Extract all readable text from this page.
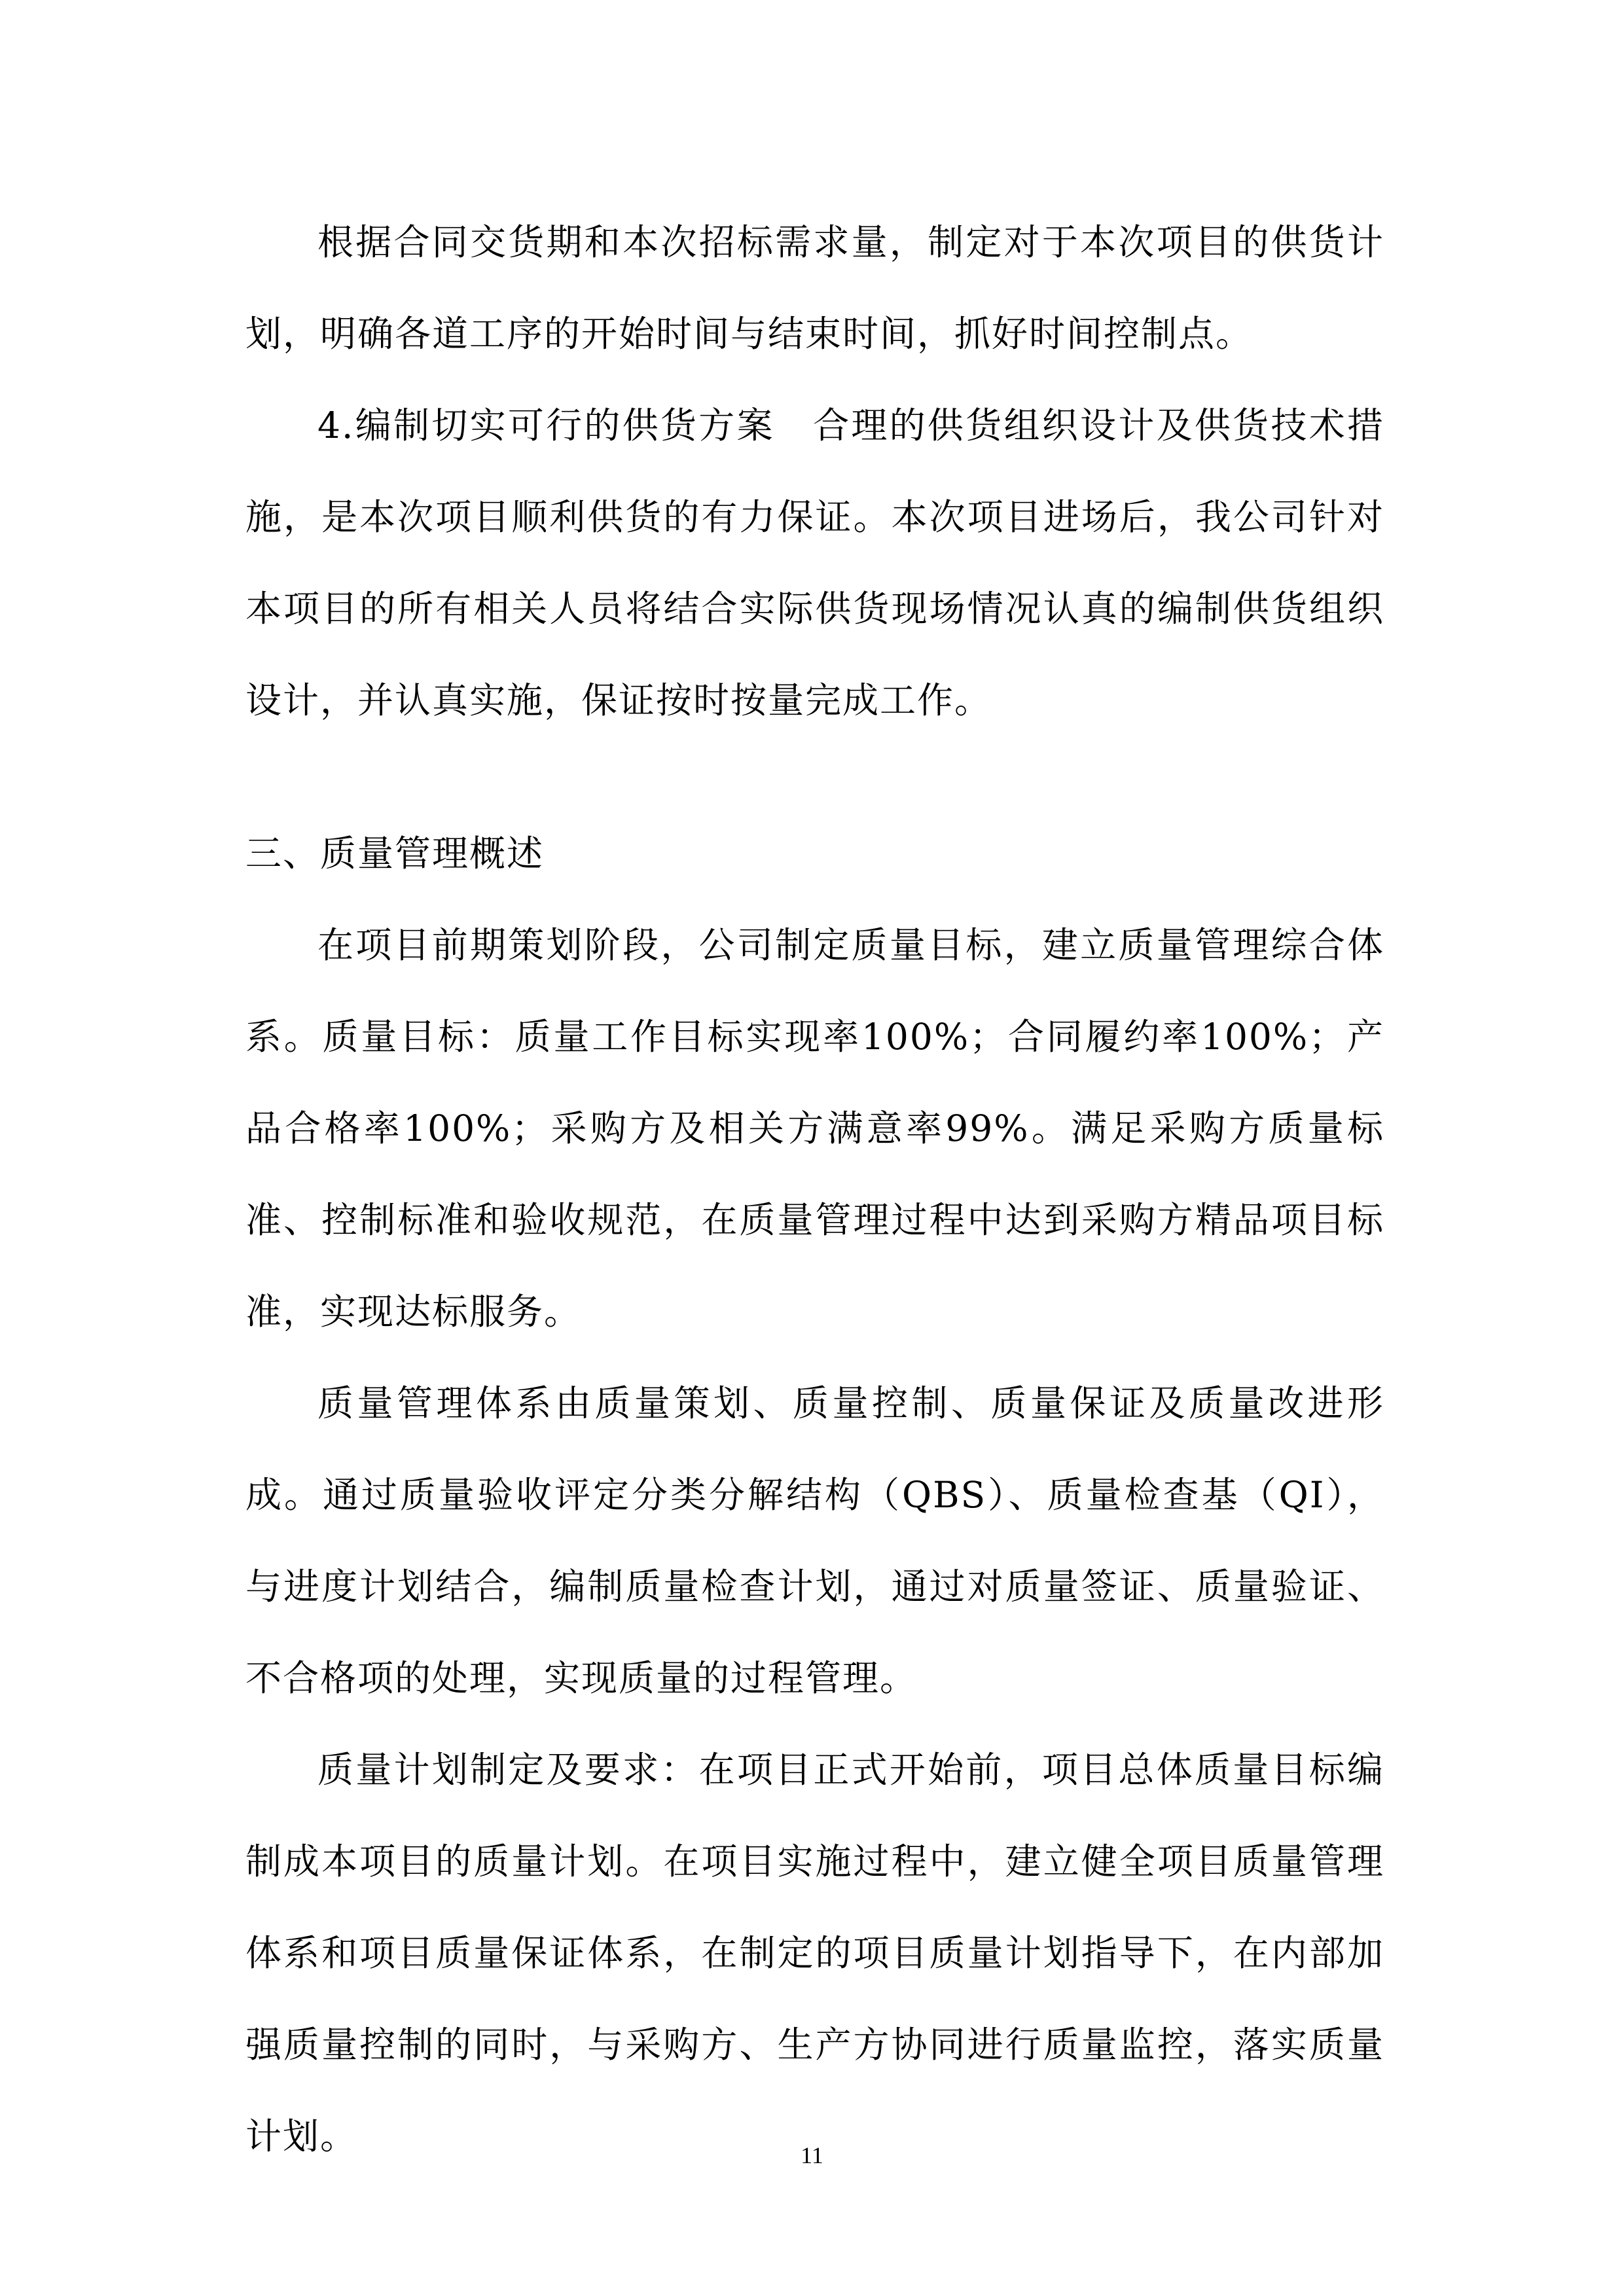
根据合同交货期和本次招标需求量，制定对于本次项目的供货计划，明确各道工序的开始时间与结束时间，抓好时间控制点。

4.编制切实可行的供货方案　合理的供货组织设计及供货技术措施，是本次项目顺利供货的有力保证。本次项目进场后，我公司针对本项目的所有相关人员将结合实际供货现场情况认真的编制供货组织设计，并认真实施，保证按时按量完成工作。

三、质量管理概述

在项目前期策划阶段，公司制定质量目标，建立质量管理综合体系。质量目标：质量工作目标实现率100%；合同履约率100%；产品合格率100%；采购方及相关方满意率99%。满足采购方质量标准、控制标准和验收规范，在质量管理过程中达到采购方精品项目标准，实现达标服务。

质量管理体系由质量策划、质量控制、质量保证及质量改进形成。通过质量验收评定分类分解结构（QBS）、质量检查基（QI），与进度计划结合，编制质量检查计划，通过对质量签证、质量验证、不合格项的处理，实现质量的过程管理。

质量计划制定及要求：在项目正式开始前，项目总体质量目标编制成本项目的质量计划。在项目实施过程中，建立健全项目质量管理体系和项目质量保证体系，在制定的项目质量计划指导下，在内部加强质量控制的同时，与采购方、生产方协同进行质量监控，落实质量计划。	11
